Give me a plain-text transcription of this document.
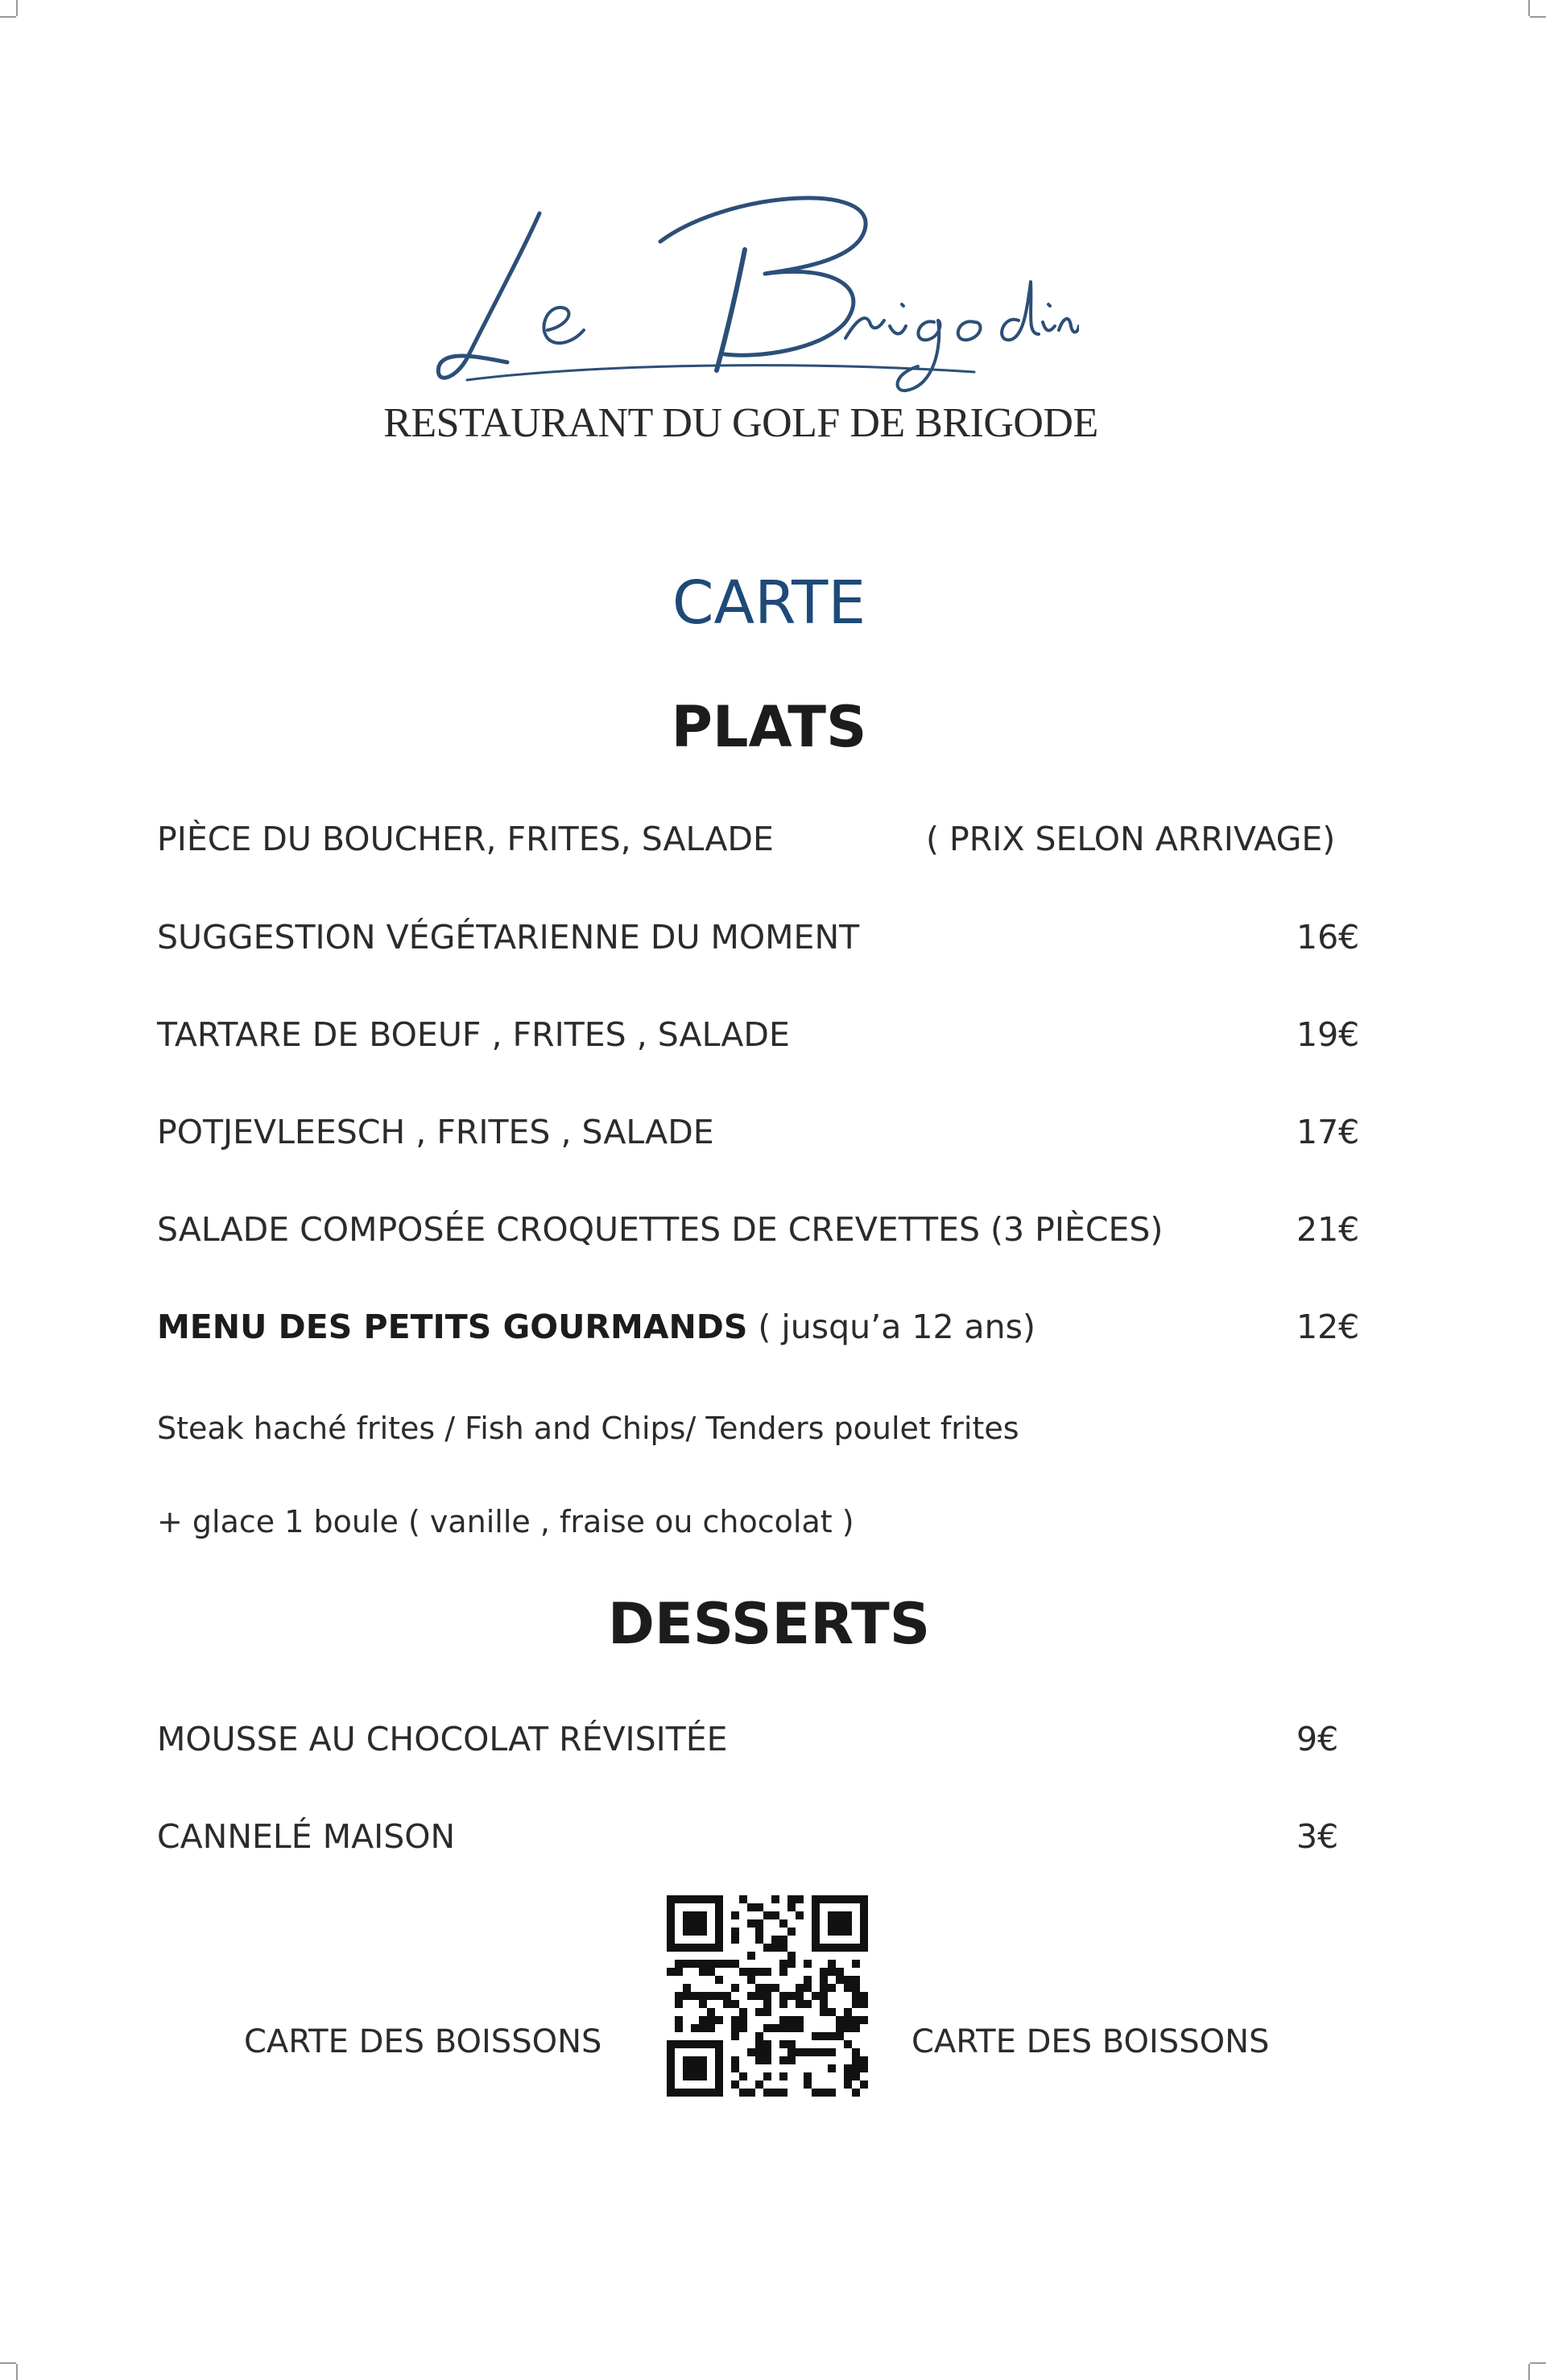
Le Brigodin
RESTAURANT DU GOLF DE BRIGODE
CARTE
PLATS
PIÈCE DU BOUCHER, FRITES, SALADE	( PRIX SELON ARRIVAGE)
SUGGESTION VÉGÉTARIENNE DU MOMENT	16€
TARTARE DE BOEUF , FRITES , SALADE	19€
POTJEVLEESCH , FRITES , SALADE	17€
SALADE COMPOSÉE CROQUETTES DE CREVETTES (3 PIÈCES)	21€
MENU DES PETITS GOURMANDS ( jusqu’a 12 ans)	12€
Steak haché frites / Fish and Chips/ Tenders poulet frites
+ glace 1 boule ( vanille , fraise ou chocolat )
DESSERTS
MOUSSE AU CHOCOLAT RÉVISITÉE	9€
CANNELÉ MAISON	3€
CARTE DES BOISSONS	CARTE DES BOISSONS
